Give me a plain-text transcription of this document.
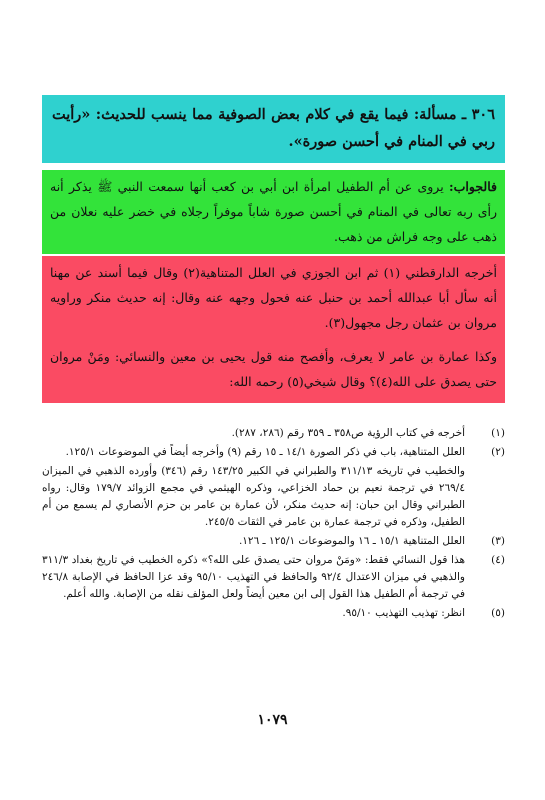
٣٠٦ ـ مسألة: فيما يقع في كلام بعض الصوفية مما ينسب للحديث: «رأيت ربي في المنام في أحسن صورة».
فالجواب: يروى عن أم الطفيل امرأة ابن أبي بن كعب أنها سمعت النبي ﷺ يذكر أنه رأى ربه تعالى في المنام في أحسن صورة شاباً موفراً رجلاه في خضر عليه نعلان من ذهب على وجه فراش من ذهب.

أخرجه الدارقطني (١) ثم ابن الجوزي في العلل المتناهية(٢) وقال فيما أسند عن مهنا أنه سأل أبا عبدالله أحمد بن حنبل عنه فحول وجهه عنه وقال: إنه حديث منكر وراويه مروان بن عثمان رجل مجهول(٣).

وكذا عمارة بن عامر لا يعرف، وأفصح منه قول يحيى بن معين والنسائي: ومَنْ مروان حتى يصدق على الله(٤)؟ وقال شيخي(٥) رحمه الله:

(١)

أخرجه في كتاب الرؤية ص٣٥٨ ـ ٣٥٩ رقم (٢٨٦، ٢٨٧).

(٢)

العلل المتناهية، باب في ذكر الصورة ١٤/١ ـ ١٥ رقم (٩) وأخرجه أيضاً في الموضوعات ١٢٥/١.

والخطيب في تاريخه ٣١١/١٣ والطبراني في الكبير ١٤٣/٢٥ رقم (٣٤٦) وأورده الذهبي في الميزان ٢٦٩/٤ في ترجمة نعيم بن حماد الخزاعي، وذكره الهيثمي في مجمع الزوائد ١٧٩/٧ وقال: رواه الطبراني وقال ابن حبان: إنه حديث منكر، لأن عمارة بن عامر بن حزم الأنصاري لم يسمع من أم الطفيل، وذكره في ترجمة عمارة بن عامر في الثقات ٢٤٥/٥.

(٣)

العلل المتناهية ١٥/١ ـ ١٦ والموضوعات ١٢٥/١ ـ ١٢٦.

(٤)

هذا قول النسائي فقط: «ومَنْ مروان حتى يصدق على الله؟» ذكره الخطيب في تاريخ بغداد ٣١١/٣ والذهبي في ميزان الاعتدال ٩٢/٤ والحافظ في التهذيب ٩٥/١٠ وقد عزا الحافظ في الإصابة ٢٤٦/٨ في ترجمة أم الطفيل هذا القول إلى ابن معين أيضاً ولعل المؤلف نقله من الإصابة. والله أعلم.

(٥)

انظر: تهذيب التهذيب ٩٥/١٠.

١٠٧٩
